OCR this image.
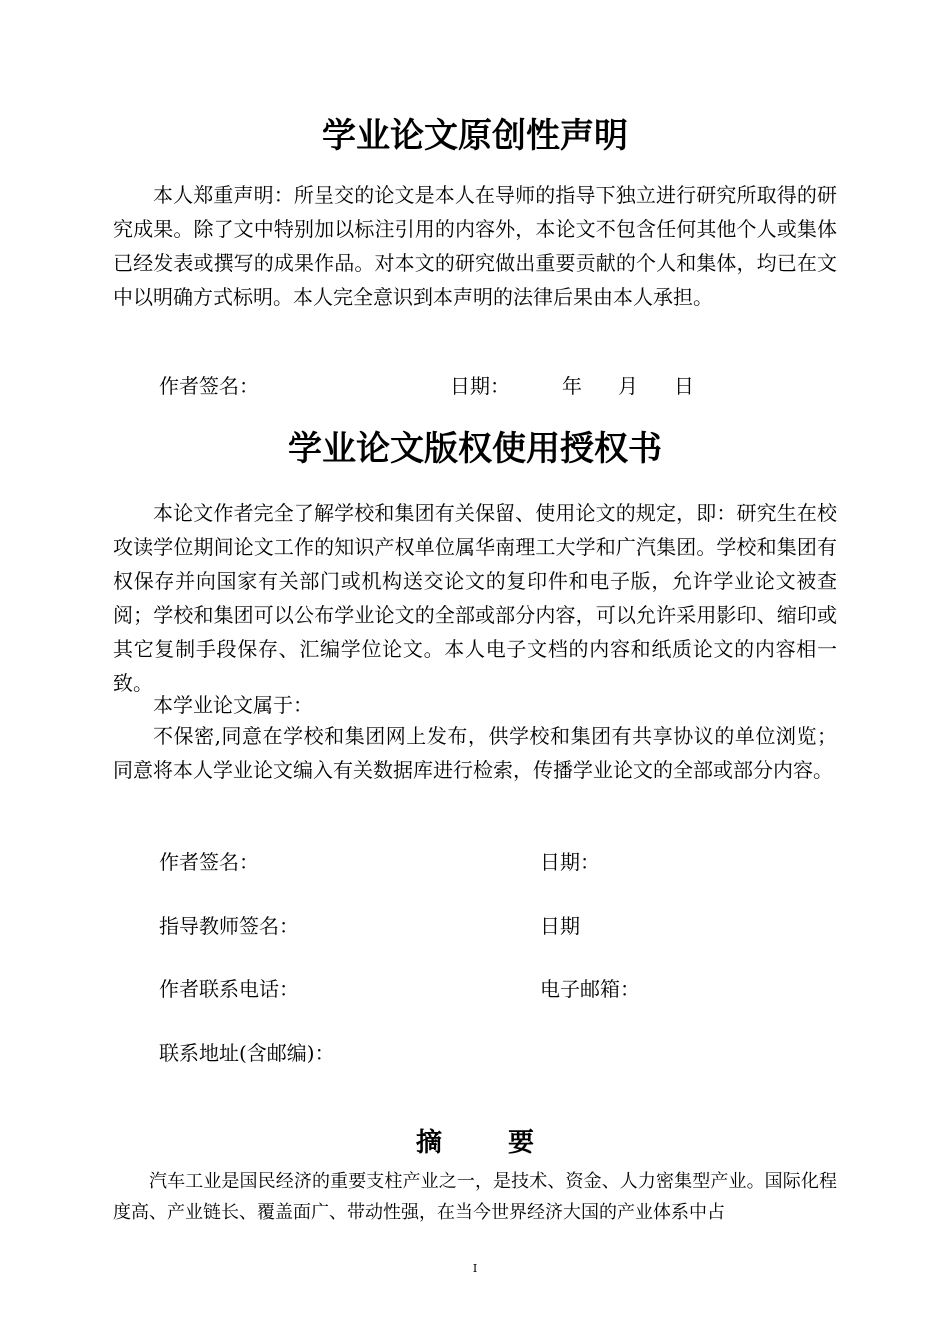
学业论文原创性声明

本人郑重声明：所呈交的论文是本人在导师的指导下独立进行研究所取得的研究成果。除了文中特别加以标注引用的内容外，本论文不包含任何其他个人或集体已经发表或撰写的成果作品。对本文的研究做出重要贡献的个人和集体，均已在文中以明确方式标明。本人完全意识到本声明的法律后果由本人承担。

作者签名：	日期：	年 月 日
学业论文版权使用授权书

本论文作者完全了解学校和集团有关保留、使用论文的规定，即：研究生在校攻读学位期间论文工作的知识产权单位属华南理工大学和广汽集团。学校和集团有权保存并向国家有关部门或机构送交论文的复印件和电子版，允许学业论文被查阅；学校和集团可以公布学业论文的全部或部分内容，可以允许采用影印、缩印或其它复制手段保存、汇编学位论文。本人电子文档的内容和纸质论文的内容相一致。

本学业论文属于：

不保密,同意在学校和集团网上发布，供学校和集团有共享协议的单位浏览；同意将本人学业论文编入有关数据库进行检索，传播学业论文的全部或部分内容。

作者签名：	日期：
指导教师签名：	日期
作者联系电话：	电子邮箱：
联系地址(含邮编)：
摘　要

汽车工业是国民经济的重要支柱产业之一，是技术、资金、人力密集型产业。国际化程度高、产业链长、覆盖面广、带动性强，在当今世界经济大国的产业体系中占

I
